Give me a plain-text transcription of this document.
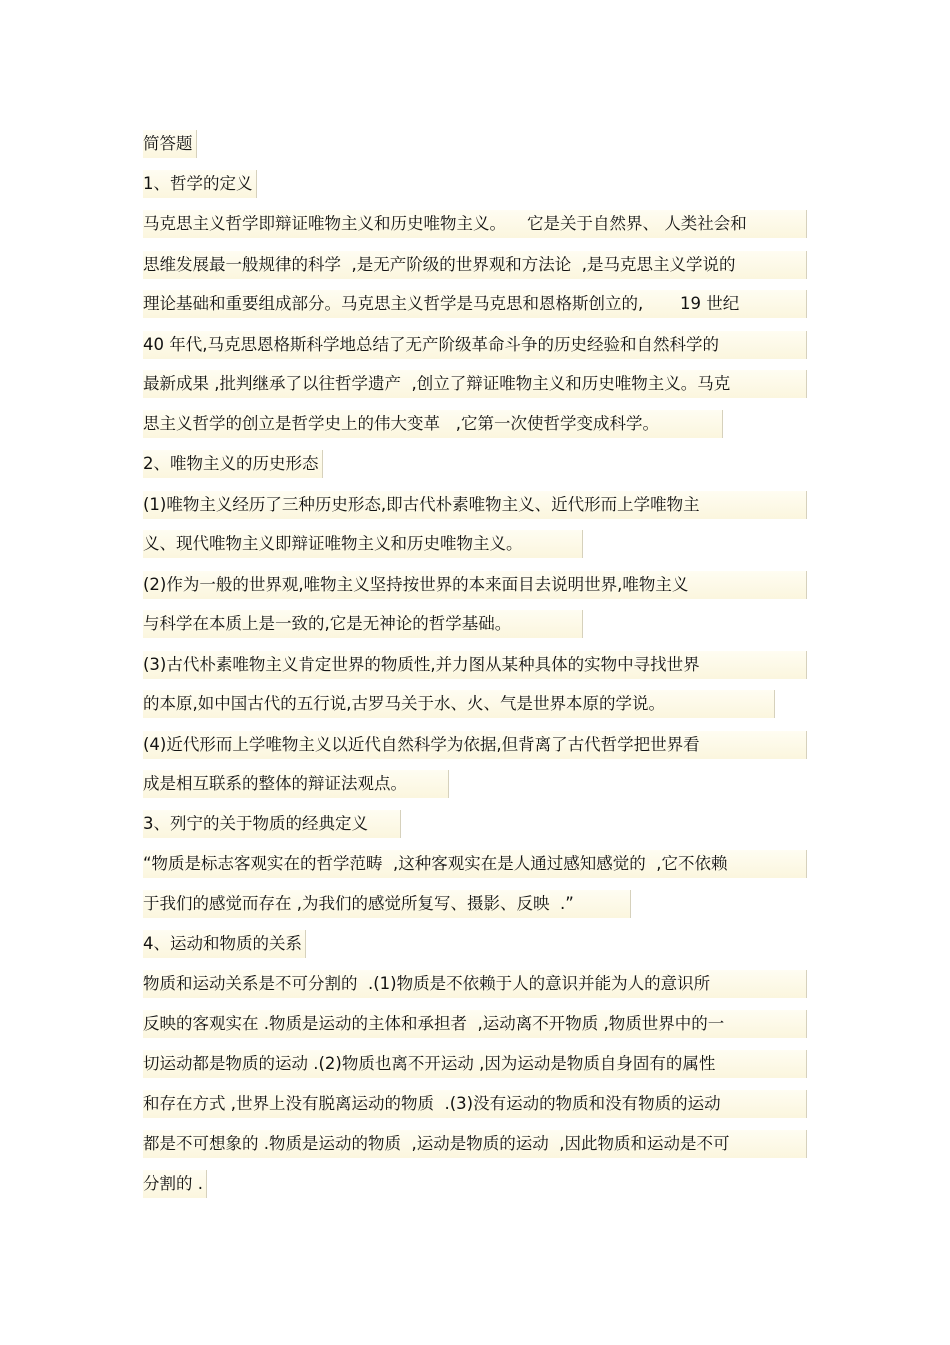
简答题
1、哲学的定义
马克思主义哲学即辩证唯物主义和历史唯物主义。    它是关于自然界、 人类社会和
思维发展最一般规律的科学  ,是无产阶级的世界观和方法论  ,是马克思主义学说的
理论基础和重要组成部分。马克思主义哲学是马克思和恩格斯创立的,       19 世纪
40 年代,马克思恩格斯科学地总结了无产阶级革命斗争的历史经验和自然科学的
最新成果 ,批判继承了以往哲学遗产  ,创立了辩证唯物主义和历史唯物主义。马克
思主义哲学的创立是哲学史上的伟大变革   ,它第一次使哲学变成科学。
2、唯物主义的历史形态
(1)唯物主义经历了三种历史形态,即古代朴素唯物主义、近代形而上学唯物主
义、现代唯物主义即辩证唯物主义和历史唯物主义。
(2)作为一般的世界观,唯物主义坚持按世界的本来面目去说明世界,唯物主义
与科学在本质上是一致的,它是无神论的哲学基础。
(3)古代朴素唯物主义肯定世界的物质性,并力图从某种具体的实物中寻找世界
的本原,如中国古代的五行说,古罗马关于水、火、气是世界本原的学说。
(4)近代形而上学唯物主义以近代自然科学为依据,但背离了古代哲学把世界看
成是相互联系的整体的辩证法观点。
3、列宁的关于物质的经典定义
“物质是标志客观实在的哲学范畴  ,这种客观实在是人通过感知感觉的  ,它不依赖
于我们的感觉而存在 ,为我们的感觉所复写、摄影、反映  .”
4、运动和物质的关系
物质和运动关系是不可分割的  .(1)物质是不依赖于人的意识并能为人的意识所
反映的客观实在 .物质是运动的主体和承担者  ,运动离不开物质 ,物质世界中的一
切运动都是物质的运动 .(2)物质也离不开运动 ,因为运动是物质自身固有的属性
和存在方式 ,世界上没有脱离运动的物质  .(3)没有运动的物质和没有物质的运动
都是不可想象的 .物质是运动的物质  ,运动是物质的运动  ,因此物质和运动是不可
分割的 .
